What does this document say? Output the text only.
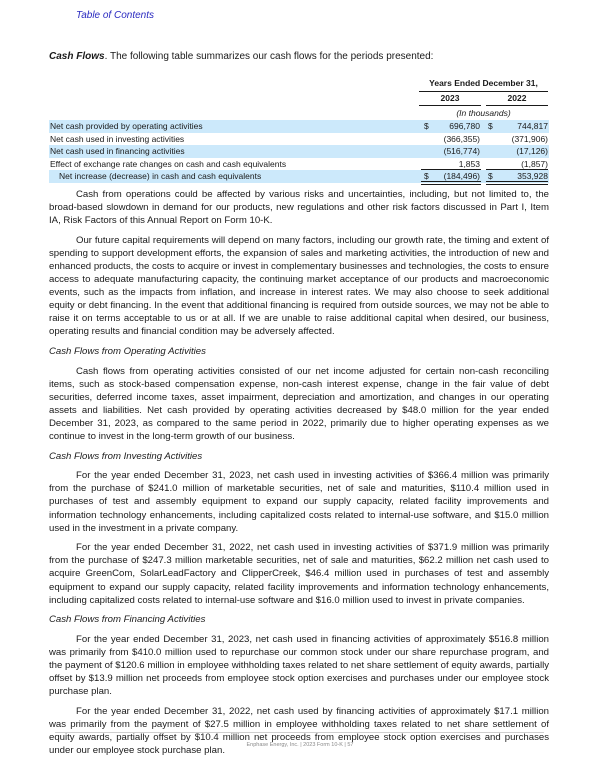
Table of Contents
Cash Flows. The following table summarizes our cash flows for the periods presented:
Years Ended December 31,
2023	2022
(In thousands)
Net cash provided by operating activities	$	696,780 $	744,817
Net cash used in investing activities	(366,355)	(371,906)
Net cash used in financing activities	(516,774)	(17,126)
Effect of exchange rate changes on cash and cash equivalents	1,853	(1,857)
Net increase (decrease) in cash and cash equivalents	$	(184,496) $	353,928

Cash from operations could be affected by various risks and uncertainties, including, but not limited to, the broad-based slowdown in demand for our products, new regulations and other risk factors discussed in Part I, Item IA, Risk Factors of this Annual Report on Form 10-K.

Our future capital requirements will depend on many factors, including our growth rate, the timing and extent of spending to support development efforts, the expansion of sales and marketing activities, the introduction of new and enhanced products, the costs to acquire or invest in complementary businesses and technologies, the costs to ensure access to adequate manufacturing capacity, the continuing market acceptance of our products and macroeconomic events, such as the impacts from inflation, and increase in interest rates. We may also choose to seek additional equity or debt financing. In the event that additional financing is required from outside sources, we may not be able to raise it on terms acceptable to us or at all. If we are unable to raise additional capital when desired, our business, operating results and financial condition may be adversely affected.

Cash Flows from Operating Activities

Cash flows from operating activities consisted of our net income adjusted for certain non-cash reconciling items, such as stock-based compensation expense, non-cash interest expense, change in the fair value of debt securities, deferred income taxes, asset impairment, depreciation and amortization, and changes in our operating assets and liabilities. Net cash provided by operating activities decreased by $48.0 million for the year ended December 31, 2023, as compared to the same period in 2022, primarily due to higher operating expenses as we continue to invest in the long-term growth of our business.

Cash Flows from Investing Activities

For the year ended December 31, 2023, net cash used in investing activities of $366.4 million was primarily from the purchase of $241.0 million of marketable securities, net of sale and maturities, $110.4 million used in purchases of test and assembly equipment to expand our supply capacity, related facility improvements and information technology enhancements, including capitalized costs related to internal-use software, and $15.0 million used in the investment in a private company.

For the year ended December 31, 2022, net cash used in investing activities of $371.9 million was primarily from the purchase of $247.3 million marketable securities, net of sale and maturities, $62.2 million net cash used to acquire GreenCom, SolarLeadFactory and ClipperCreek, $46.4 million used in purchases of test and assembly equipment to expand our supply capacity, related facility improvements and information technology enhancements, including capitalized costs related to internal-use software and $16.0 million used to invest in private companies.

Cash Flows from Financing Activities

For the year ended December 31, 2023, net cash used in financing activities of approximately $516.8 million was primarily from $410.0 million used to repurchase our common stock under our share repurchase program, and the payment of $120.6 million in employee withholding taxes related to net share settlement of equity awards, partially offset by $13.9 million net proceeds from employee stock option exercises and purchases under our employee stock purchase plan.

For the year ended December 31, 2022, net cash used by financing activities of approximately $17.1 million was primarily from the payment of $27.5 million in employee withholding taxes related to net share settlement of equity awards, partially offset by $10.4 million net proceeds from employee stock option exercises and purchases under our employee stock purchase plan.

Enphase Energy, Inc. | 2023 Form 10-K | 57
